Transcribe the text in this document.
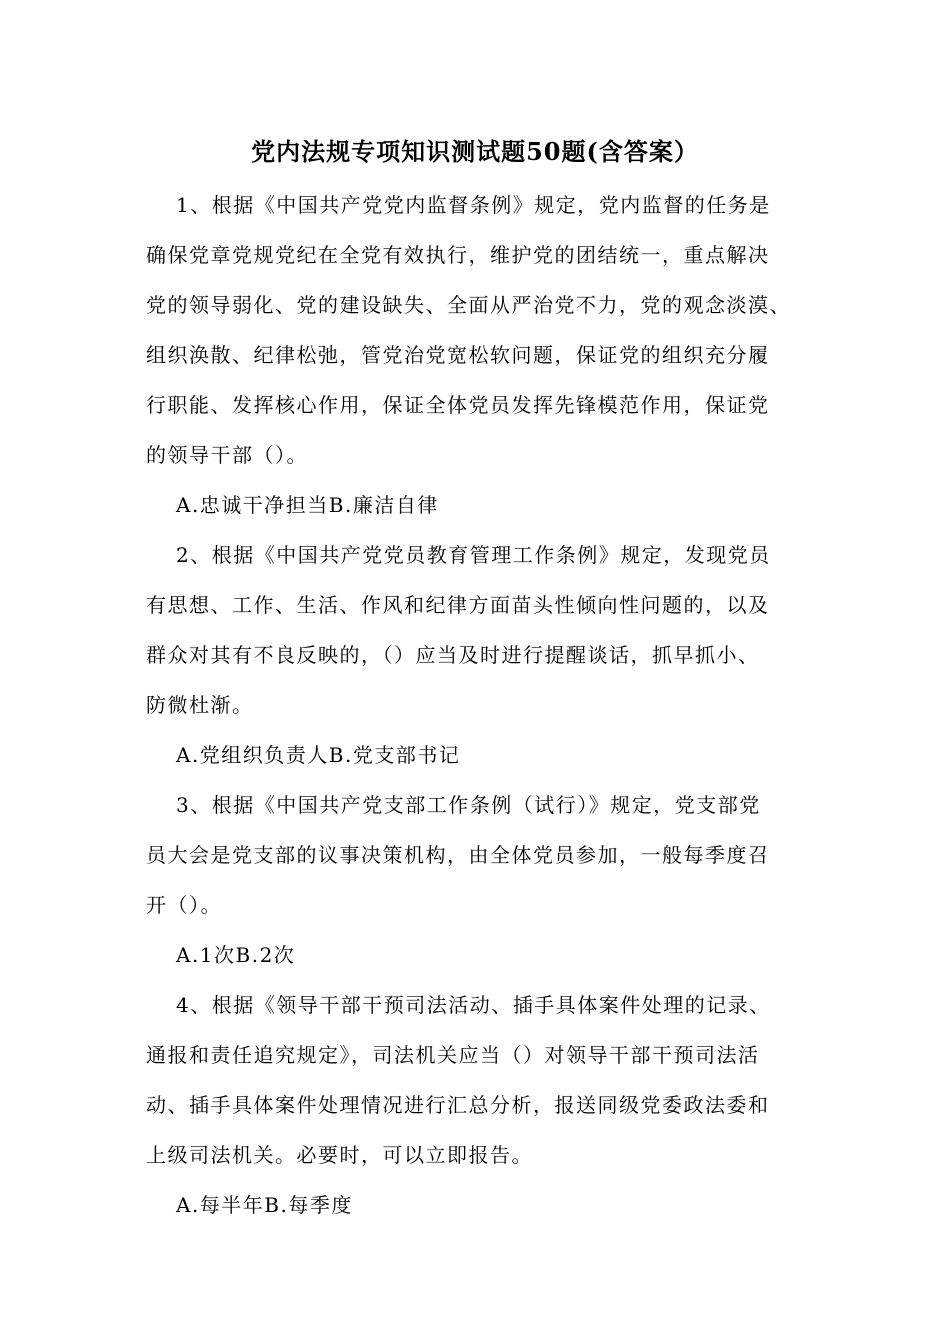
党内法规专项知识测试题50题(含答案）
1、根据《中国共产党党内监督条例》规定，党内监督的任务是
确保党章党规党纪在全党有效执行，维护党的团结统一，重点解决
党的领导弱化、党的建设缺失、全面从严治党不力，党的观念淡漠、
组织涣散、纪律松弛，管党治党宽松软问题，保证党的组织充分履
行职能、发挥核心作用，保证全体党员发挥先锋模范作用，保证党
的领导干部（）。
A.忠诚干净担当B.廉洁自律
2、根据《中国共产党党员教育管理工作条例》规定，发现党员
有思想、工作、生活、作风和纪律方面苗头性倾向性问题的，以及
群众对其有不良反映的，（）应当及时进行提醒谈话，抓早抓小、
防微杜渐。
A.党组织负责人B.党支部书记
3、根据《中国共产党支部工作条例（试行）》规定，党支部党
员大会是党支部的议事决策机构，由全体党员参加，一般每季度召
开（）。
A.1次B.2次
4、根据《领导干部干预司法活动、插手具体案件处理的记录、
通报和责任追究规定》，司法机关应当（）对领导干部干预司法活
动、插手具体案件处理情况进行汇总分析，报送同级党委政法委和
上级司法机关。必要时，可以立即报告。
A.每半年B.每季度
